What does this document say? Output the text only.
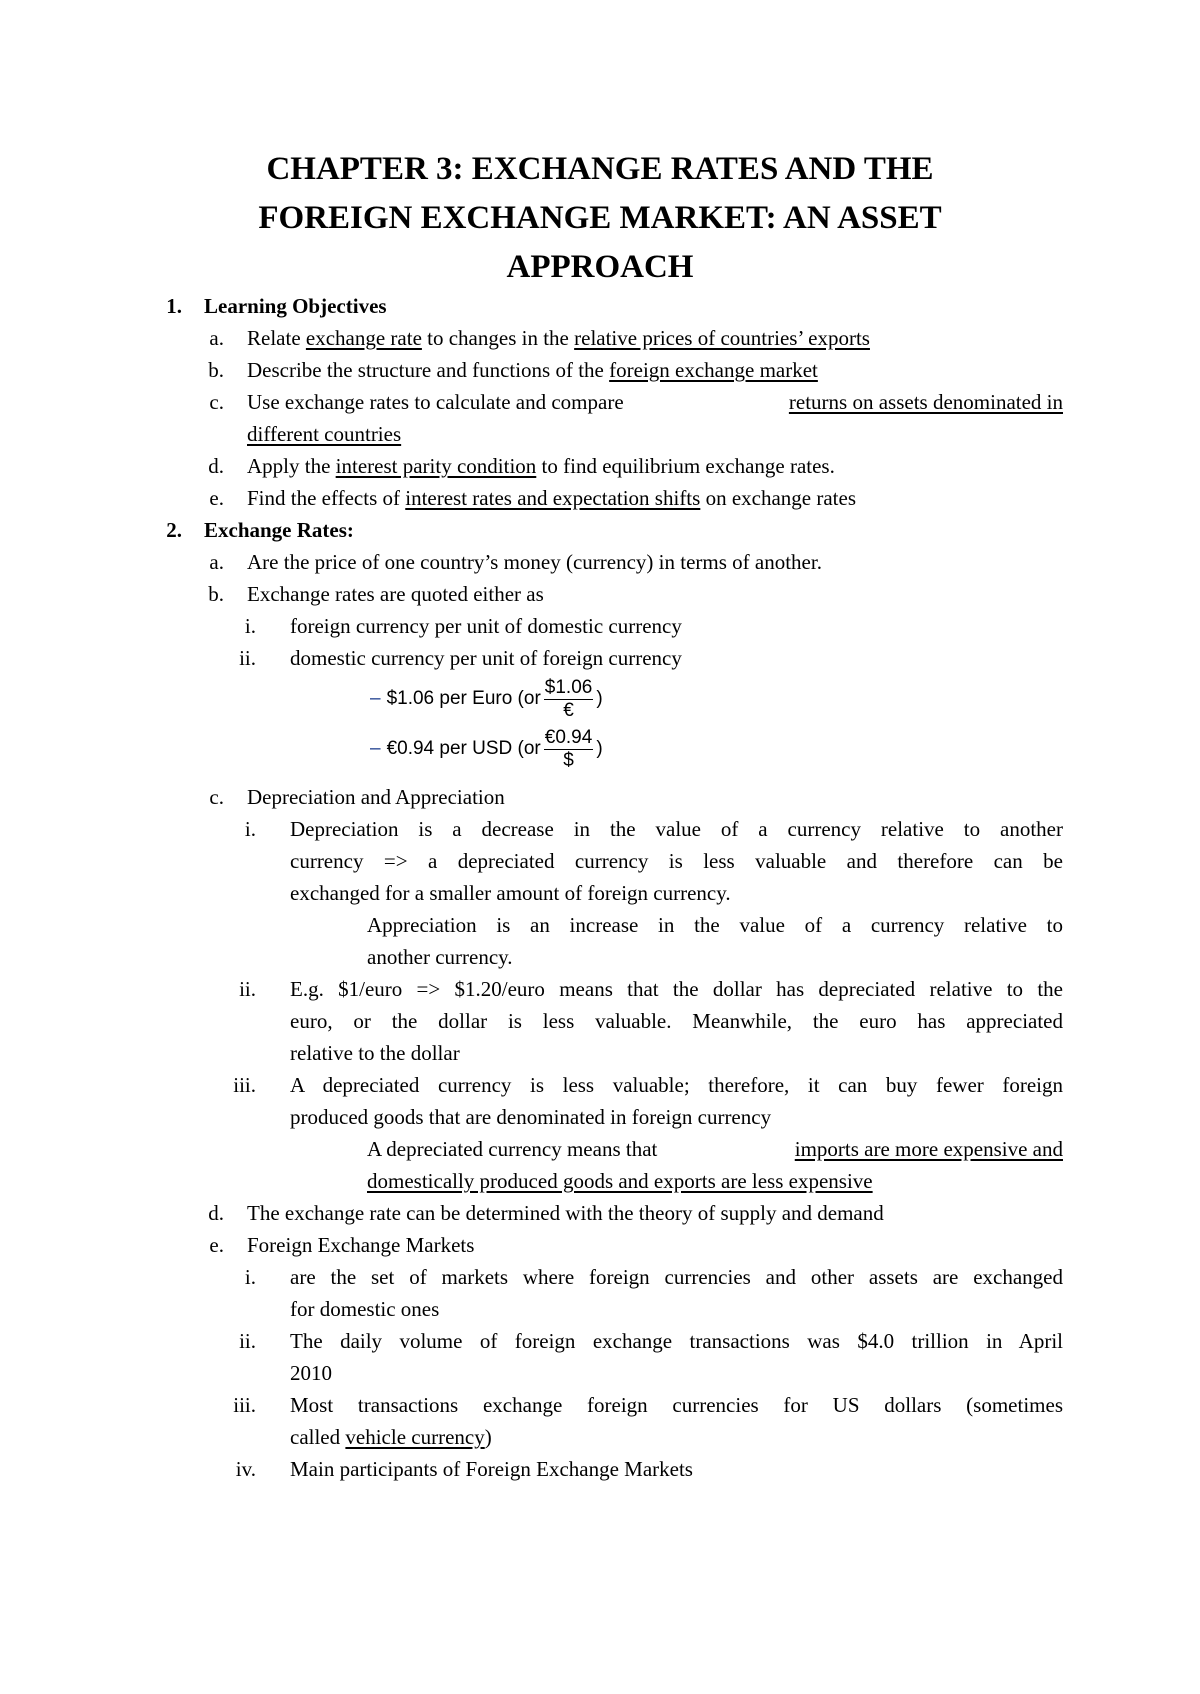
CHAPTER 3: EXCHANGE RATES AND THE
FOREIGN EXCHANGE MARKET: AN ASSET
APPROACH
1. Learning Objectives
a. Relate exchange rate to changes in the relative prices of countries’ exports
b. Describe the structure and functions of the foreign exchange market
c. Use exchange rates to calculate and compare	returns on assets denominated in
different countries
d. Apply the interest parity condition to find equilibrium exchange rates.
e. Find the effects of interest rates and expectation shifts on exchange rates
2. Exchange Rates:
a. Are the price of one country’s money (currency) in terms of another.
b. Exchange rates are quoted either as
i. foreign currency per unit of domestic currency
ii. domestic currency per unit of foreign currency
– $1.06 per Euro ($or \frac{\$1.06}{€}$ )
– €0.94 per USD ($or \frac{€0.94}{\$}$ )
c. Depreciation and Appreciation
i. Depreciation is a decrease in the value of a currency relative to another
currency => a depreciated currency is less valuable and therefore can be
exchanged for a smaller amount of foreign currency.
Appreciation is an increase in the value of a currency relative to
another currency.
ii. E.g. $1/euro => $1.20/euro means that the dollar has depreciated relative to the
euro, or the dollar is less valuable. Meanwhile, the euro has appreciated
relative to the dollar
iii. A depreciated currency is less valuable; therefore, it can buy fewer foreign
produced goods that are denominated in foreign currency
A depreciated currency means that	imports are more expensive and
domestically produced goods and exports are less expensive
d. The exchange rate can be determined with the theory of supply and demand
e. Foreign Exchange Markets
i. are the set of markets where foreign currencies and other assets are exchanged
for domestic ones
ii. The daily volume of foreign exchange transactions was $4.0 trillion in April
2010
iii. Most transactions exchange foreign currencies for US dollars (sometimes
called vehicle currency)
iv. Main participants of Foreign Exchange Markets
